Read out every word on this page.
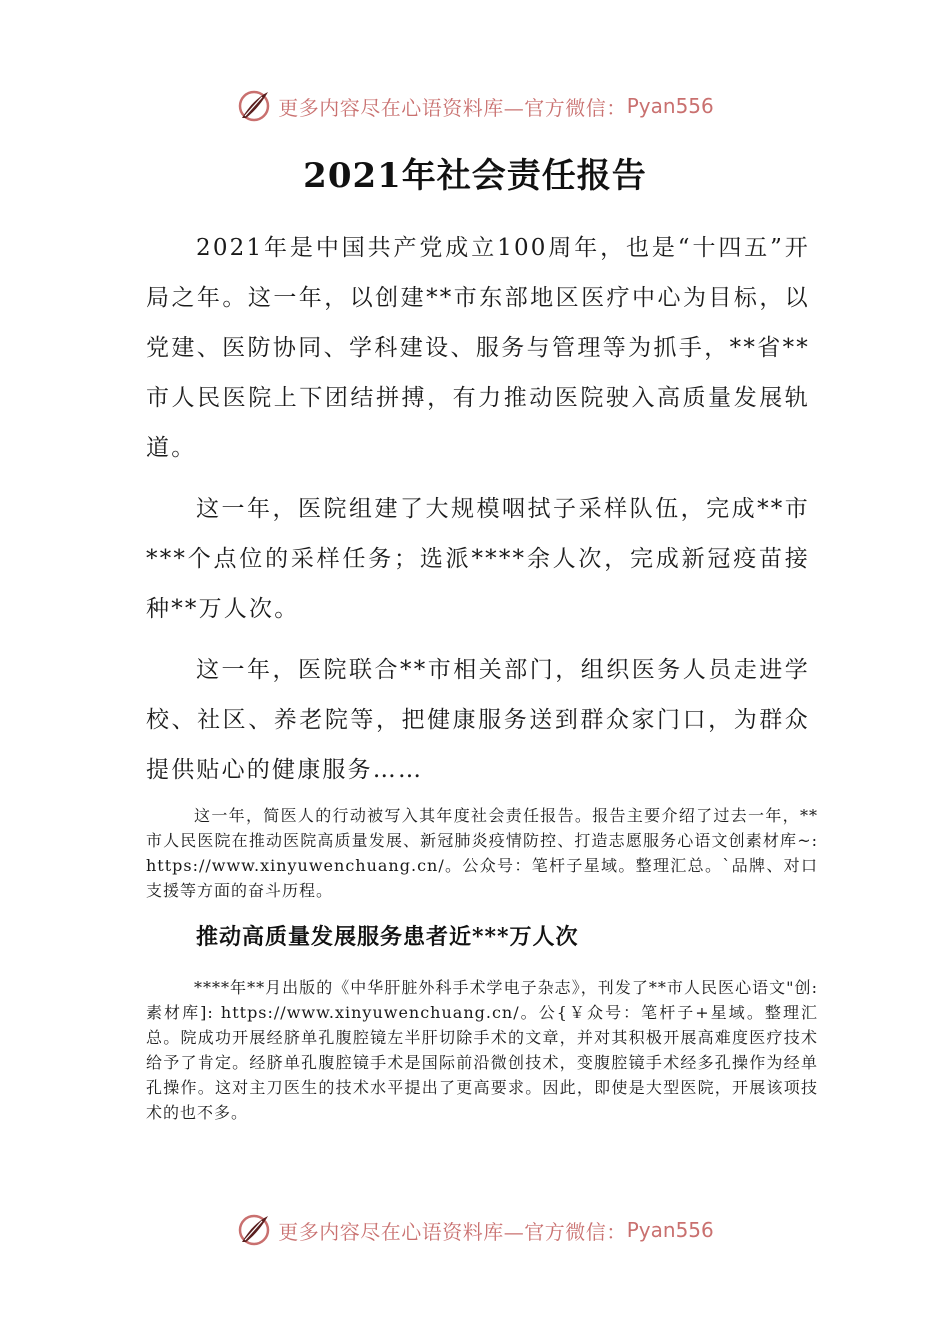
更多内容尽在心语资料库—官方微信： Pyan556
2021年社会责任报告

2021年是中国共产党成立100周年，也是“十四五”开局之年。这一年，以创建**市东部地区医疗中心为目标，以党建、医防协同、学科建设、服务与管理等为抓手，**省**市人民医院上下团结拼搏，有力推动医院驶入高质量发展轨道。

这一年，医院组建了大规模咽拭子采样队伍，完成**市***个点位的采样任务；选派****余人次，完成新冠疫苗接种**万人次。

这一年，医院联合**市相关部门，组织医务人员走进学校、社区、养老院等，把健康服务送到群众家门口，为群众提供贴心的健康服务……

这一年，简医人的行动被写入其年度社会责任报告。报告主要介绍了过去一年，**市人民医院在推动医院高质量发展、新冠肺炎疫情防控、打造志愿服务心语文创素材库~: https://www.xinyuwenchuang.cn/。公众号：笔杆子星域。整理汇总。`品牌、对口支援等方面的奋斗历程。

推动高质量发展服务患者近***万人次

****年**月出版的《中华肝脏外科手术学电子杂志》，刊发了**市人民医心语文"创:素材库]: https://www.xinyuwenchuang.cn/。公{￥众号：笔杆子+星域。整理汇总。院成功开展经脐单孔腹腔镜左半肝切除手术的文章，并对其积极开展高难度医疗技术给予了肯定。经脐单孔腹腔镜手术是国际前沿微创技术，变腹腔镜手术经多孔操作为经单孔操作。这对主刀医生的技术水平提出了更高要求。因此，即使是大型医院，开展该项技术的也不多。

更多内容尽在心语资料库—官方微信： Pyan556
